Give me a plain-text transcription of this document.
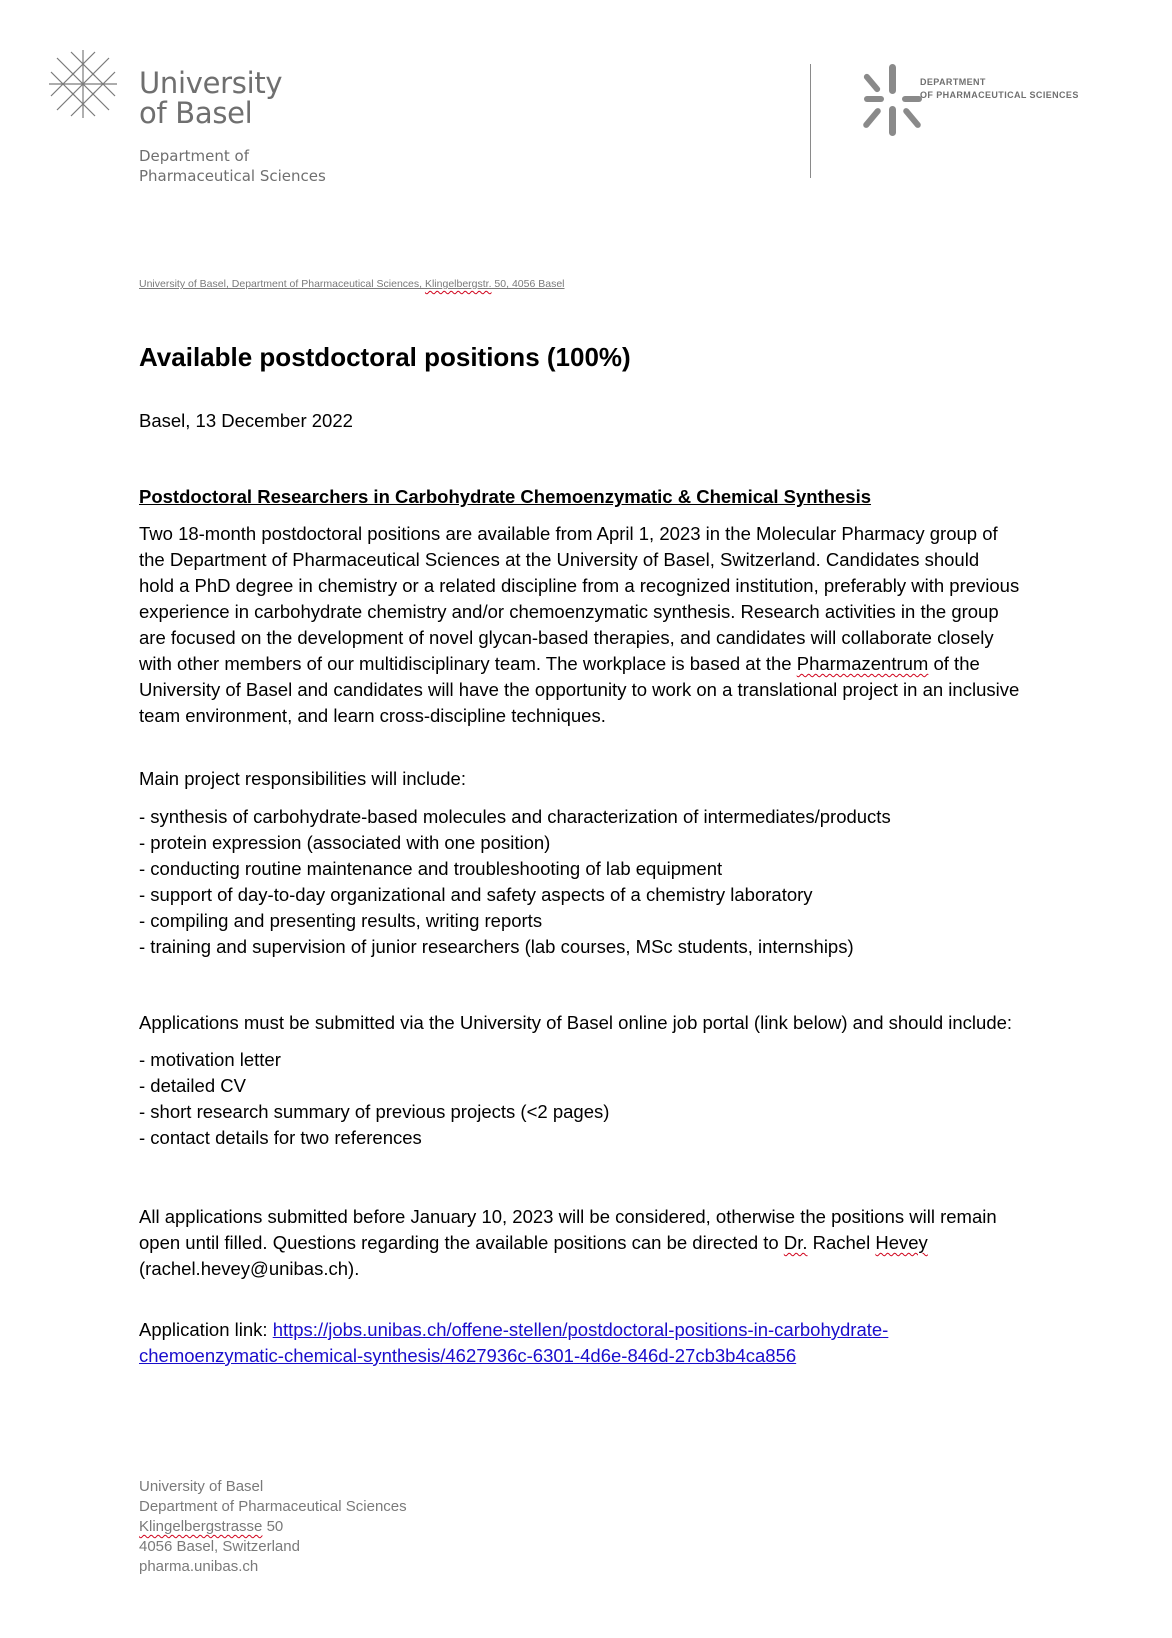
University
of Basel
Department of
Pharmaceutical Sciences
DEPARTMENT
OF PHARMACEUTICAL SCIENCES
University of Basel, Department of Pharmaceutical Sciences, Klingelbergstr. 50, 4056 Basel
Available postdoctoral positions (100%)
Basel, 13 December 2022
Postdoctoral Researchers in Carbohydrate Chemoenzymatic & Chemical Synthesis
Two 18-month postdoctoral positions are available from April 1, 2023 in the Molecular Pharmacy group of
the Department of Pharmaceutical Sciences at the University of Basel, Switzerland. Candidates should
hold a PhD degree in chemistry or a related discipline from a recognized institution, preferably with previous
experience in carbohydrate chemistry and/or chemoenzymatic synthesis. Research activities in the group
are focused on the development of novel glycan-based therapies, and candidates will collaborate closely
with other members of our multidisciplinary team. The workplace is based at the Pharmazentrum of the
University of Basel and candidates will have the opportunity to work on a translational project in an inclusive
team environment, and learn cross-discipline techniques.
Main project responsibilities will include:
- synthesis of carbohydrate-based molecules and characterization of intermediates/products
- protein expression (associated with one position)
- conducting routine maintenance and troubleshooting of lab equipment
- support of day-to-day organizational and safety aspects of a chemistry laboratory
- compiling and presenting results, writing reports
- training and supervision of junior researchers (lab courses, MSc students, internships)
Applications must be submitted via the University of Basel online job portal (link below) and should include:
- motivation letter
- detailed CV
- short research summary of previous projects (<2 pages)
- contact details for two references
All applications submitted before January 10, 2023 will be considered, otherwise the positions will remain
open until filled. Questions regarding the available positions can be directed to Dr. Rachel Hevey
(rachel.hevey@unibas.ch).
Application link: https://jobs.unibas.ch/offene-stellen/postdoctoral-positions-in-carbohydrate-
chemoenzymatic-chemical-synthesis/4627936c-6301-4d6e-846d-27cb3b4ca856
University of Basel
Department of Pharmaceutical Sciences
Klingelbergstrasse 50
4056 Basel, Switzerland
pharma.unibas.ch
